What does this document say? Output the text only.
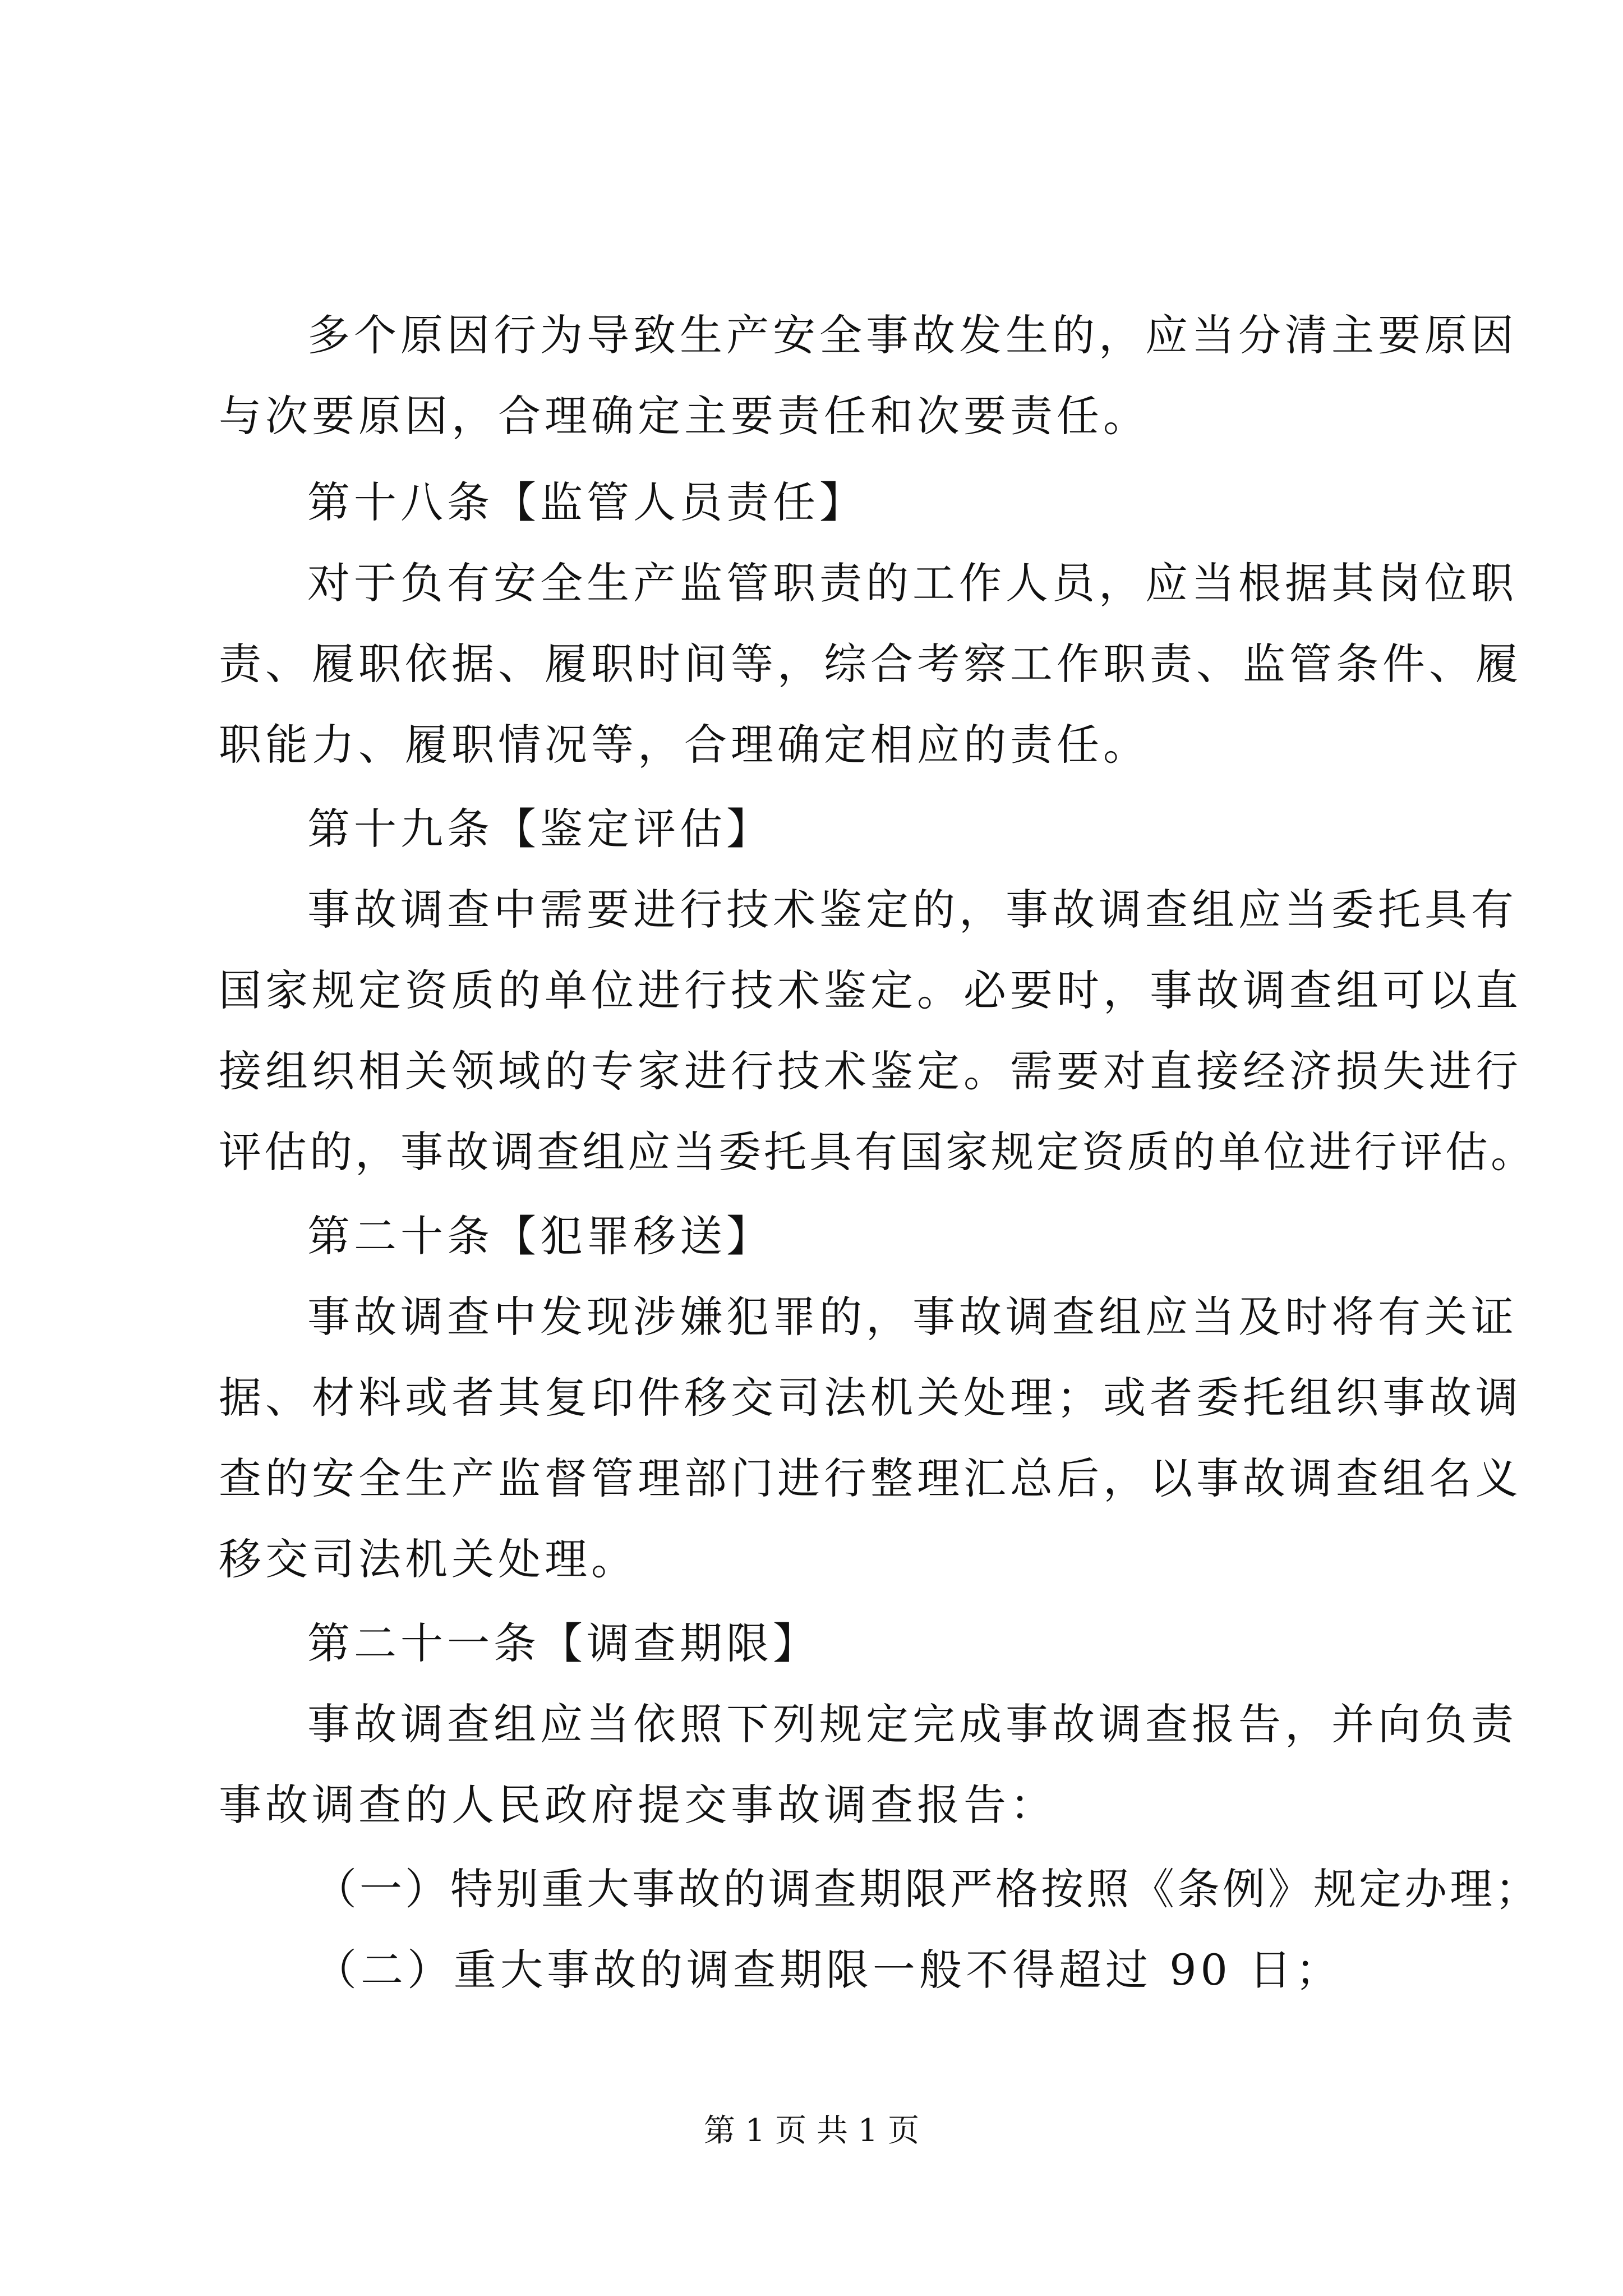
多个原因行为导致生产安全事故发生的，应当分清主要原因
与次要原因，合理确定主要责任和次要责任。
第十八条【监管人员责任】
对于负有安全生产监管职责的工作人员，应当根据其岗位职
责、履职依据、履职时间等，综合考察工作职责、监管条件、履
职能力、履职情况等，合理确定相应的责任。
第十九条【鉴定评估】
事故调查中需要进行技术鉴定的，事故调查组应当委托具有
国家规定资质的单位进行技术鉴定。必要时，事故调查组可以直
接组织相关领域的专家进行技术鉴定。需要对直接经济损失进行
评估的，事故调查组应当委托具有国家规定资质的单位进行评估。
第二十条【犯罪移送】
事故调查中发现涉嫌犯罪的，事故调查组应当及时将有关证
据、材料或者其复印件移交司法机关处理；或者委托组织事故调
查的安全生产监督管理部门进行整理汇总后，以事故调查组名义
移交司法机关处理。
第二十一条【调查期限】
事故调查组应当依照下列规定完成事故调查报告，并向负责
事故调查的人民政府提交事故调查报告：
（一）特别重大事故的调查期限严格按照《条例》规定办理；
（二）重大事故的调查期限一般不得超过 90 日；
第 1 页 共 1 页
